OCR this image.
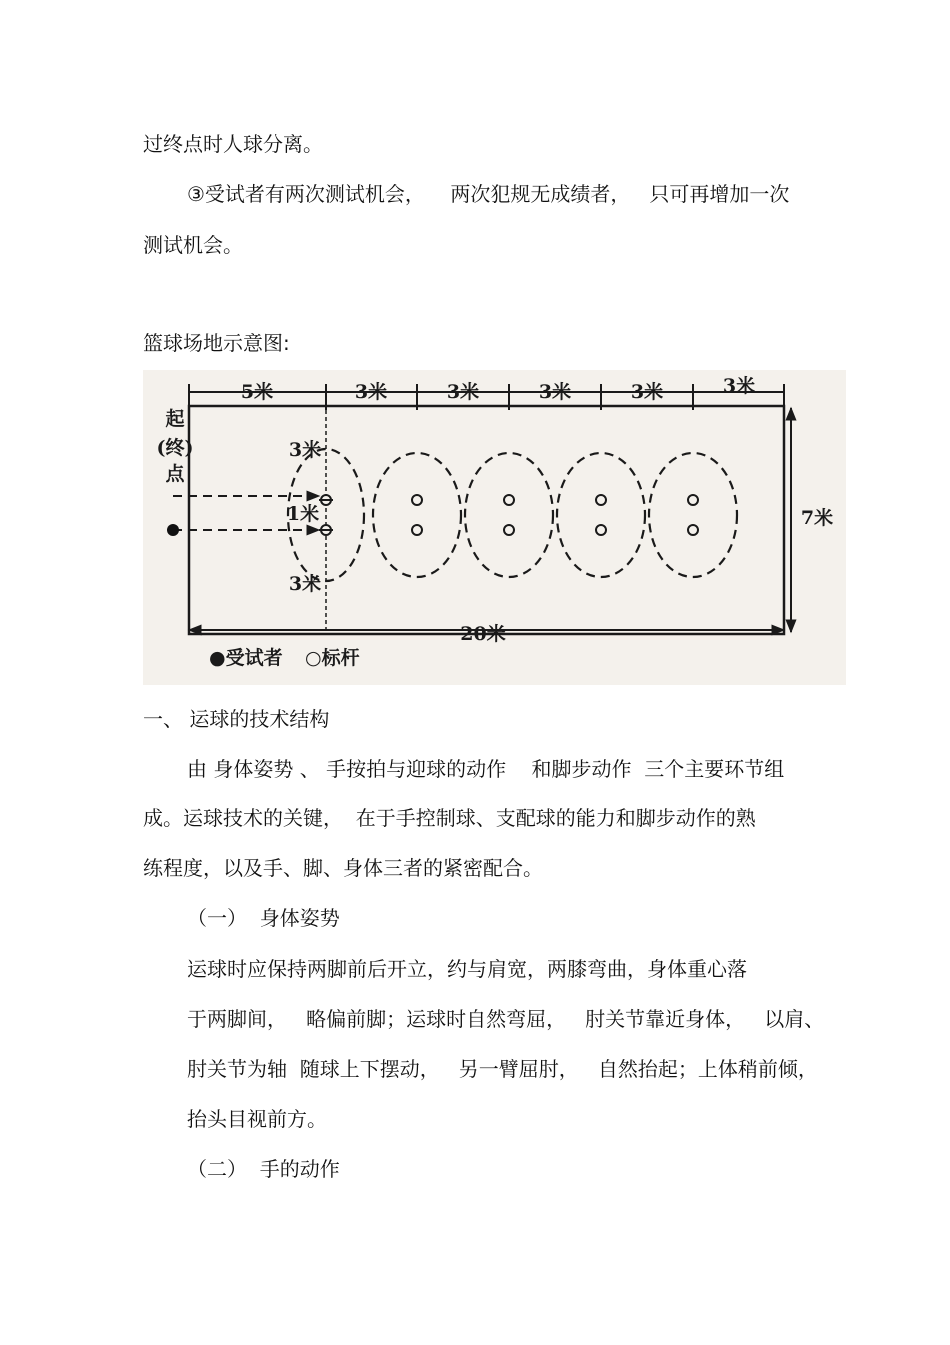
过终点时人球分离。
③受试者有两次测试机会，    两次犯规无成绩者，   只可再增加一次
测试机会。
篮球场地示意图:
5米	3米	3米	3米	3米	3米
起
(终)
点
3米
1米
3米
7米
20米
●受试者 ○标杆
一、 运球的技术结构
由 身体姿势 、 手按拍与迎球的动作    和脚步动作  三个主要环节组
成。运球技术的关键，  在于手控制球、支配球的能力和脚步动作的熟
练程度，以及手、脚、身体三者的紧密配合。
（一）  身体姿势
运球时应保持两脚前后开立，约与肩宽，两膝弯曲，身体重心落
于两脚间，   略偏前脚；运球时自然弯屈，   肘关节靠近身体，   以肩、
肘关节为轴  随球上下摆动，   另一臂屈肘，   自然抬起；上体稍前倾，
抬头目视前方。
（二）  手的动作
